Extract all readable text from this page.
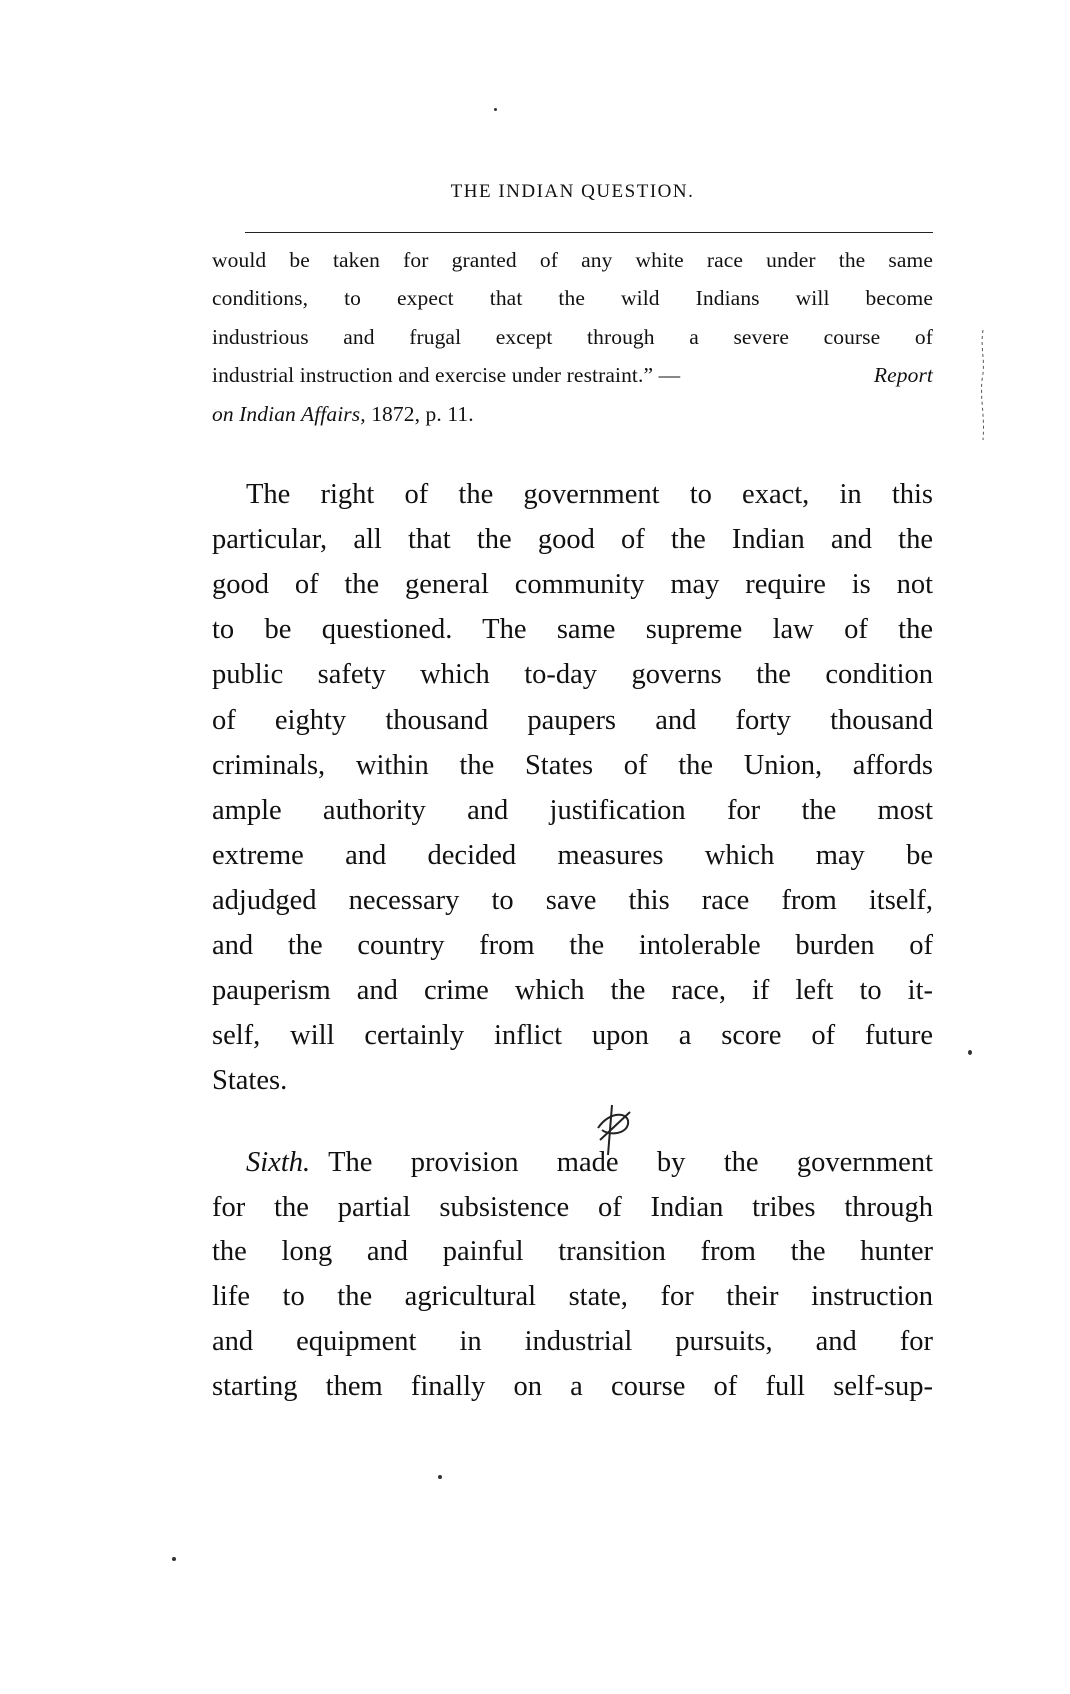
THE INDIAN QUESTION.
would be taken for granted of any white race under the same
conditions, to expect that the wild Indians will become
industrious and frugal except through a severe course of
industrial instruction and exercise under restraint.” —	Report
on Indian Affairs, 1872, p. 11.
The right of the government to exact, in this
particular, all that the good of the Indian and the
good of the general community may require is not
to be questioned. The same supreme law of the
public safety which to-day governs the condition
of eighty thousand paupers and forty thousand
criminals, within the States of the Union, affords
ample authority and justification for the most
extreme and decided measures which may be
adjudged necessary to save this race from itself,
and the country from the intolerable burden of
pauperism and crime which the race, if left to it-
self, will certainly inflict upon a score of future
States.
Sixth. The provision made by the government
for the partial subsistence of Indian tribes through
the long and painful transition from the hunter
life to the agricultural state, for their instruction
and equipment in industrial pursuits, and for
starting them finally on a course of full self-sup-
